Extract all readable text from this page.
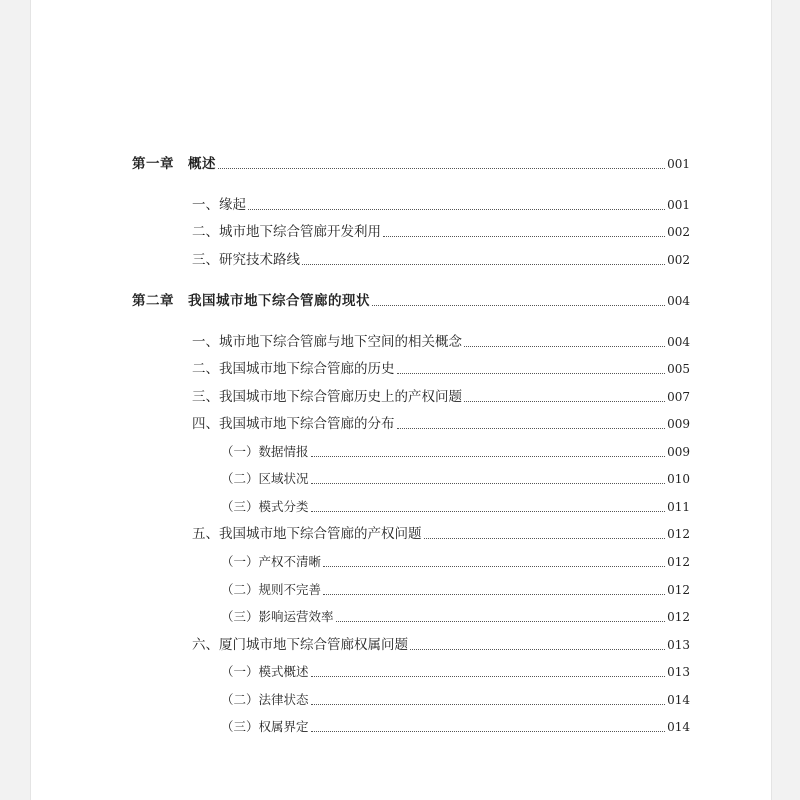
第一章　概述	001
一、缘起	001
二、城市地下综合管廊开发利用	002
三、研究技术路线	002
第二章　我国城市地下综合管廊的现状	004
一、城市地下综合管廊与地下空间的相关概念	004
二、我国城市地下综合管廊的历史	005
三、我国城市地下综合管廊历史上的产权问题	007
四、我国城市地下综合管廊的分布	009
（一）数据情报	009
（二）区域状况	010
（三）模式分类	011
五、我国城市地下综合管廊的产权问题	012
（一）产权不清晰	012
（二）规则不完善	012
（三）影响运营效率	012
六、厦门城市地下综合管廊权属问题	013
（一）模式概述	013
（二）法律状态	014
（三）权属界定	014
